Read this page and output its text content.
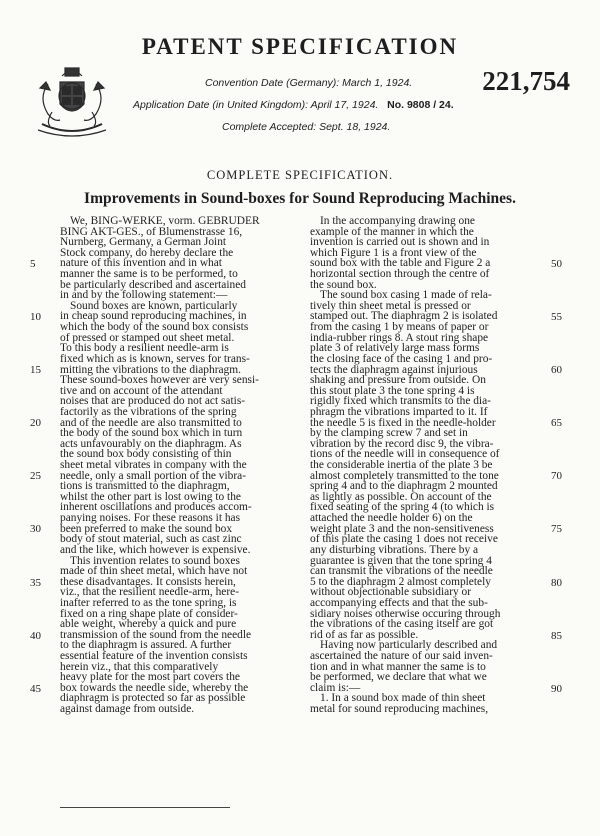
PATENT SPECIFICATION

Convention Date (Germany): March 1, 1924.	221,754

Application Date (in United Kingdom): April 17, 1924. No. 9808 / 24.

Complete Accepted: Sept. 18, 1924.

COMPLETE SPECIFICATION.

Improvements in Sound-boxes for Sound Reproducing Machines.

We, BING-WERKE, vorm. GEBRUDER
BING AKT-GES., of Blumenstrasse 16,
Nurnberg, Germany, a German Joint
Stock company, do hereby declare the
nature of this invention and in what
manner the same is to be performed, to
be particularly described and ascertained
in and by the following statement:—
Sound boxes are known, particularly
in cheap sound reproducing machines, in
which the body of the sound box consists
of pressed or stamped out sheet metal.
To this body a resilient needle-arm is
fixed which as is known, serves for trans-
mitting the vibrations to the diaphragm.
These sound-boxes however are very sensi-
tive and on account of the attendant
noises that are produced do not act satis-
factorily as the vibrations of the spring
and of the needle are also transmitted to
the body of the sound box which in turn
acts unfavourably on the diaphragm. As
the sound box body consisting of thin
sheet metal vibrates in company with the
needle, only a small portion of the vibra-
tions is transmitted to the diaphragm,
whilst the other part is lost owing to the
inherent oscillations and produces accom-
panying noises. For these reasons it has
been preferred to make the sound box
body of stout material, such as cast zinc
and the like, which however is expensive.
This invention relates to sound boxes
made of thin sheet metal, which have not
these disadvantages. It consists herein,
viz., that the resilient needle-arm, here-
inafter referred to as the tone spring, is
fixed on a ring shape plate of consider-
able weight, whereby a quick and pure
transmission of the sound from the needle
to the diaphragm is assured. A further
essential feature of the invention consists
herein viz., that this comparatively
heavy plate for the most part covers the
box towards the needle side, whereby the
diaphragm is protected so far as possible
against damage from outside.
In the accompanying drawing one
example of the manner in which the
invention is carried out is shown and in
which Figure 1 is a front view of the
sound box with the table and Figure 2 a
horizontal section through the centre of
the sound box.
The sound box casing 1 made of rela-
tively thin sheet metal is pressed or
stamped out. The diaphragm 2 is isolated
from the casing 1 by means of paper or
india-rubber rings 8. A stout ring shape
plate 3 of relatively large mass forms
the closing face of the casing 1 and pro-
tects the diaphragm against injurious
shaking and pressure from outside. On
this stout plate 3 the tone spring 4 is
rigidly fixed which transmits to the dia-
phragm the vibrations imparted to it. If
the needle 5 is fixed in the needle-holder
by the clamping screw 7 and set in
vibration by the record disc 9, the vibra-
tions of the needle will in consequence of
the considerable inertia of the plate 3 be
almost completely transmitted to the tone
spring 4 and to the diaphragm 2 mounted
as lightly as possible. On account of the
fixed seating of the spring 4 (to which is
attached the needle holder 6) on the
weight plate 3 and the non-sensitiveness
of this plate the casing 1 does not receive
any disturbing vibrations. There by a
guarantee is given that the tone spring 4
can transmit the vibrations of the needle
5 to the diaphragm 2 almost completely
without objectionable subsidiary or
accompanying effects and that the sub-
sidiary noises otherwise occuring through
the vibrations of the casing itself are got
rid of as far as possible.
Having now particularly described and
ascertained the nature of our said inven-
tion and in what manner the same is to
be performed, we declare that what we
claim is:—
1. In a sound box made of thin sheet
metal for sound reproducing machines,
5
10
15
20
25
30
35
40
45
50
55
60
65
70
75
80
85
90
